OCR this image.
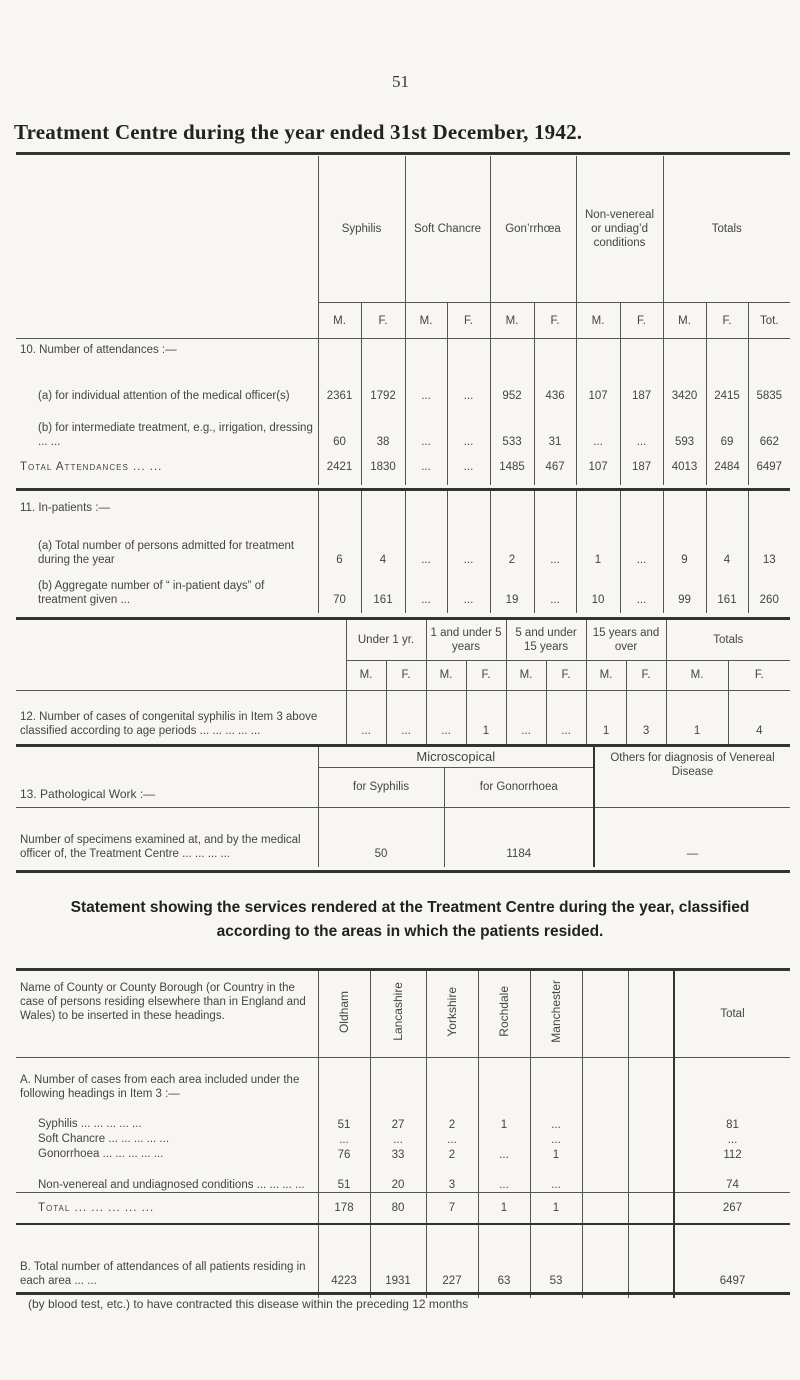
51
Treatment Centre during the year ended 31st December, 1942.
	Syphilis		Soft Chancre		Gon’rrhœa		Non-venereal or undiag’d conditions		Totals		
	M.	F.	M.	F.	M.	F.	M.	F.	M.	F.	Tot.
10. Number of attendances :—											

(a) for individual attention of the medical officer(s)	2361	1792	...	...	952	436	107	187	3420	2415	5835

(b) for intermediate treatment, e.g., irrigation, dressing ... ...	60	38	...	...	533	31	...	...	593	69	662
Total Attendances ... ...	2421	1830	...	...	1485	467	107	187	4013	2484	6497
11. In-patients :—											

(a) Total number of persons admitted for treatment during the year	6	4	...	...	2	...	1	...	9	4	13

(b) Aggregate number of “ in-patient days” of treatment given ...	70	161	...	...	19	...	10	...	99	161	260
	Under 1 yr.		1 and under 5 years		5 and under 15 years		15 years and over		Totals	
	M.	F.	M.	F.	M.	F.	M.	F.	M.	F.
12. Number of cases of congenital syphilis in Item 3 above classified according to age periods ... ... ... ... ...	...	...	...	1	...	...	1	3	1	4
13. Pathological Work :—	Microscopical		Others for diagnosis of Venereal Disease
	for Syphilis	for Gonorrhoea	
Number of specimens examined at, and by the medical officer of, the Treatment Centre ... ... ... ...	50	1184	—
Statement showing the services rendered at the Treatment Centre during the year, classified according to the areas in which the patients resided.
Name of County or County Borough (or Country in the case of persons residing elsewhere than in England and Wales) to be inserted in these headings.	Oldham	Lancashire	Yorkshire	Rochdale	Manchester			Total
A. Number of cases from each area included under the following headings in Item 3 :—								

Syphilis ... ... ... ... ...	51	27	2	1	...			81

Soft Chancre ... ... ... ... ...	...	...	...		...			...

Gonorrhoea ... ... ... ... ...	76	33	2	...	1			112

Non-venereal and undiagnosed conditions ... ... ... ...	51	20	3	...	...			74

Total ... ... ... ... ...	178	80	7	1	1			267
B. Total number of attendances of all patients residing in each area ... ...	4223	1931	227	63	53			6497
(by blood test, etc.) to have contracted this disease within the preceding 12 months
